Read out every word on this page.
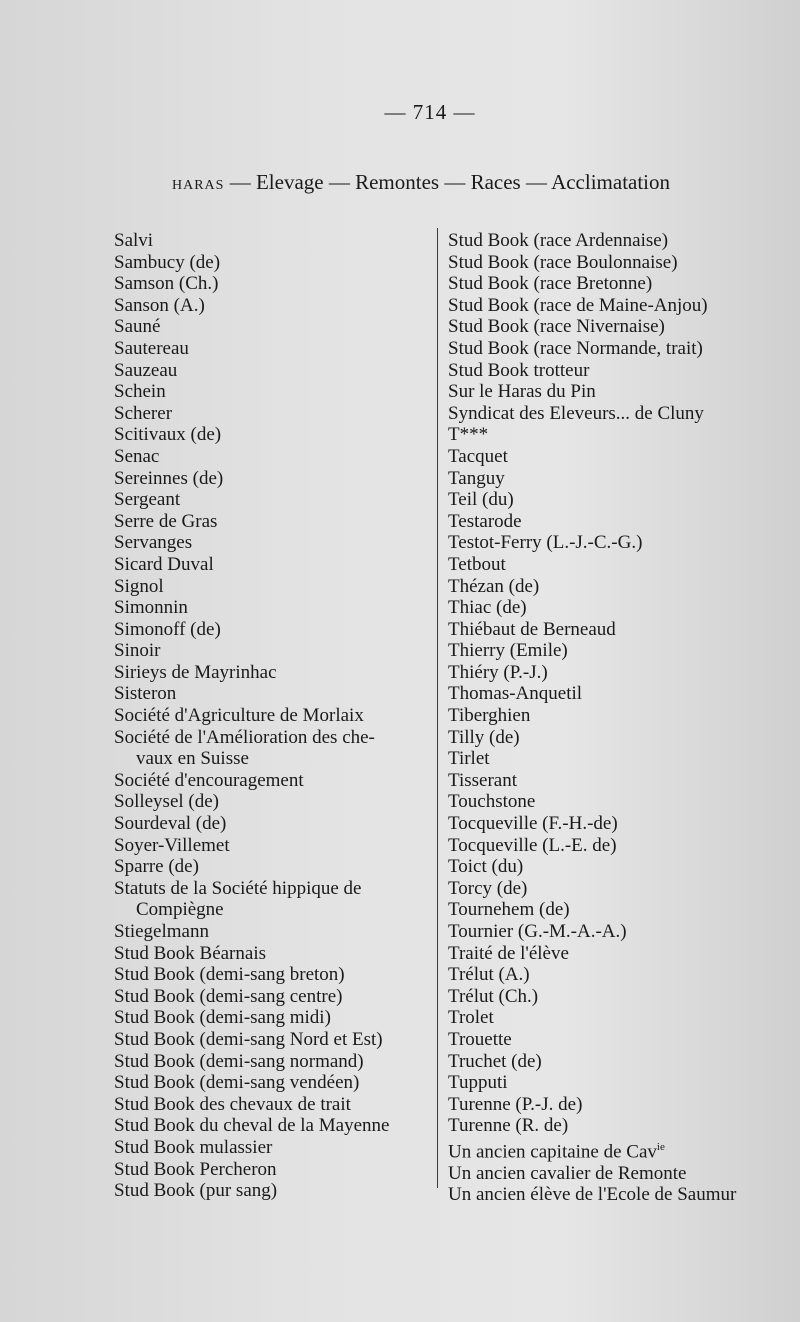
— 714 —
HARAS — Elevage — Remontes — Races — Acclimatation
Salvi
Sambucy (de)
Samson (Ch.)
Sanson (A.)
Sauné
Sautereau
Sauzeau
Schein
Scherer
Scitivaux (de)
Senac
Sereinnes (de)
Sergeant
Serre de Gras
Servanges
Sicard Duval
Signol
Simonnin
Simonoff (de)
Sinoir
Sirieys de Mayrinhac
Sisteron
Société d'Agriculture de Morlaix
Société de l'Amélioration des che-
vaux en Suisse
Société d'encouragement
Solleysel (de)
Sourdeval (de)
Soyer-Villemet
Sparre (de)
Statuts de la Société hippique de
Compiègne
Stiegelmann
Stud Book Béarnais
Stud Book (demi-sang breton)
Stud Book (demi-sang centre)
Stud Book (demi-sang midi)
Stud Book (demi-sang Nord et Est)
Stud Book (demi-sang normand)
Stud Book (demi-sang vendéen)
Stud Book des chevaux de trait
Stud Book du cheval de la Mayenne
Stud Book mulassier
Stud Book Percheron
Stud Book (pur sang)
Stud Book (race Ardennaise)
Stud Book (race Boulonnaise)
Stud Book (race Bretonne)
Stud Book (race de Maine-Anjou)
Stud Book (race Nivernaise)
Stud Book (race Normande, trait)
Stud Book trotteur
Sur le Haras du Pin
Syndicat des Eleveurs... de Cluny
T***
Tacquet
Tanguy
Teil (du)
Testarode
Testot-Ferry (L.-J.-C.-G.)
Tetbout
Thézan (de)
Thiac (de)
Thiébaut de Berneaud
Thierry (Emile)
Thiéry (P.-J.)
Thomas-Anquetil
Tiberghien
Tilly (de)
Tirlet
Tisserant
Touchstone
Tocqueville (F.-H.-de)
Tocqueville (L.-E. de)
Toict (du)
Torcy (de)
Tournehem (de)
Tournier (G.-M.-A.-A.)
Traité de l'élève
Trélut (A.)
Trélut (Ch.)
Trolet
Trouette
Truchet (de)
Tupputi
Turenne (P.-J. de)
Turenne (R. de)
Un ancien capitaine de Cav$^{ie}$
Un ancien cavalier de Remonte
Un ancien élève de l'Ecole de Saumur
